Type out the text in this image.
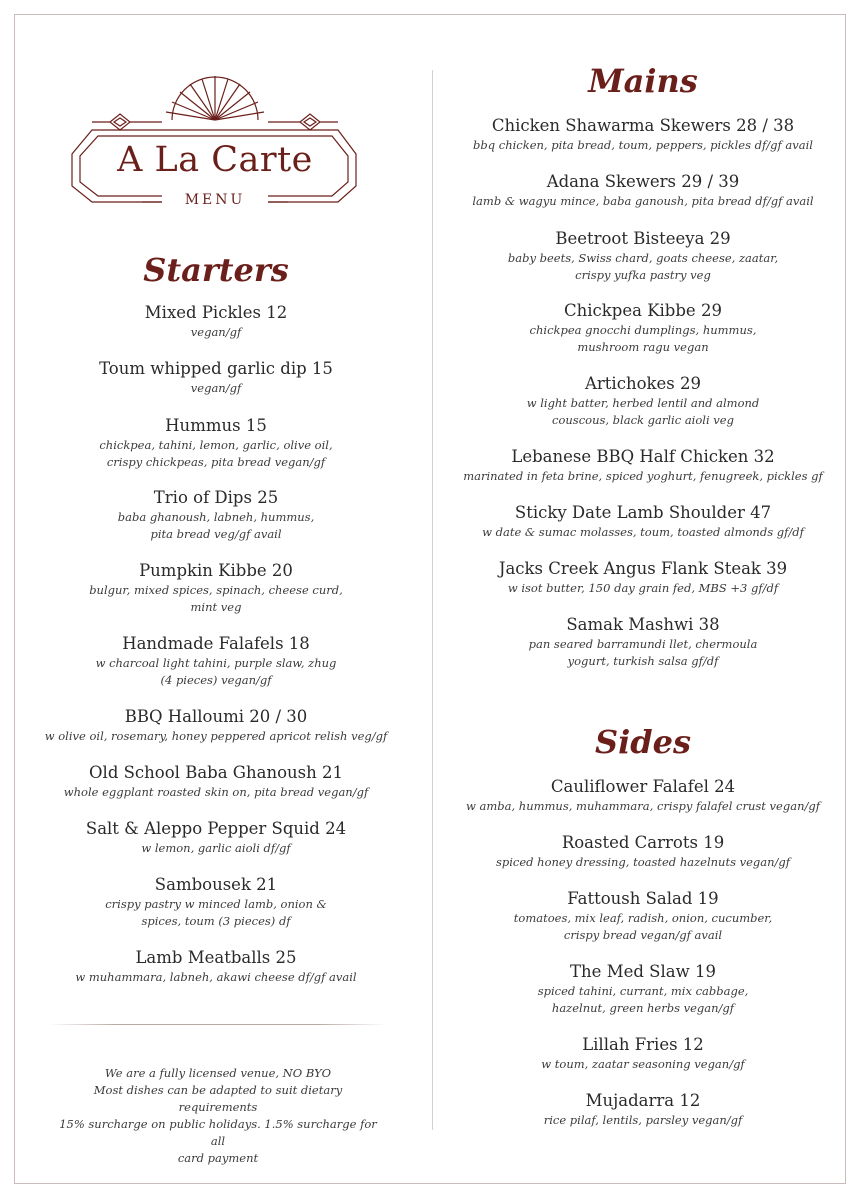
A La Carte
MENU
Starters
Mixed Pickles 12
vegan/gf
Toum whipped garlic dip 15
vegan/gf
Hummus 15
chickpea, tahini, lemon, garlic, olive oil,
crispy chickpeas, pita bread vegan/gf
Trio of Dips 25
baba ghanoush, labneh, hummus,
pita bread veg/gf avail
Pumpkin Kibbe 20
bulgur, mixed spices, spinach, cheese curd,
mint veg
Handmade Falafels 18
w charcoal light tahini, purple slaw, zhug
(4 pieces) vegan/gf
BBQ Halloumi 20 / 30
w olive oil, rosemary, honey peppered apricot relish veg/gf
Old School Baba Ghanoush 21
whole eggplant roasted skin on, pita bread vegan/gf
Salt & Aleppo Pepper Squid 24
w lemon, garlic aioli df/gf
Sambousek 21
crispy pastry w minced lamb, onion &
spices, toum (3 pieces) df
Lamb Meatballs 25
w muhammara, labneh, akawi cheese df/gf avail
We are a fully licensed venue, NO BYO
Most dishes can be adapted to suit dietary requirements
15% surcharge on public holidays. 1.5% surcharge for all
card payment
Mains
Chicken Shawarma Skewers 28 / 38
bbq chicken, pita bread, toum, peppers, pickles df/gf avail
Adana Skewers 29 / 39
lamb & wagyu mince, baba ganoush, pita bread df/gf avail
Beetroot Bisteeya 29
baby beets, Swiss chard, goats cheese, zaatar,
crispy yufka pastry veg
Chickpea Kibbe 29
chickpea gnocchi dumplings, hummus,
mushroom ragu vegan
Artichokes 29
w light batter, herbed lentil and almond
couscous, black garlic aioli veg
Lebanese BBQ Half Chicken 32
marinated in feta brine, spiced yoghurt, fenugreek, pickles gf
Sticky Date Lamb Shoulder 47
w date & sumac molasses, toum, toasted almonds gf/df
Jacks Creek Angus Flank Steak 39
w isot butter, 150 day grain fed, MBS +3 gf/df
Samak Mashwi 38
pan seared barramundi llet, chermoula
yogurt, turkish salsa gf/df
Sides
Cauliflower Falafel 24
w amba, hummus, muhammara, crispy falafel crust vegan/gf
Roasted Carrots 19
spiced honey dressing, toasted hazelnuts vegan/gf
Fattoush Salad 19
tomatoes, mix leaf, radish, onion, cucumber,
crispy bread vegan/gf avail
The Med Slaw 19
spiced tahini, currant, mix cabbage,
hazelnut, green herbs vegan/gf
Lillah Fries 12
w toum, zaatar seasoning vegan/gf
Mujadarra 12
rice pilaf, lentils, parsley vegan/gf
